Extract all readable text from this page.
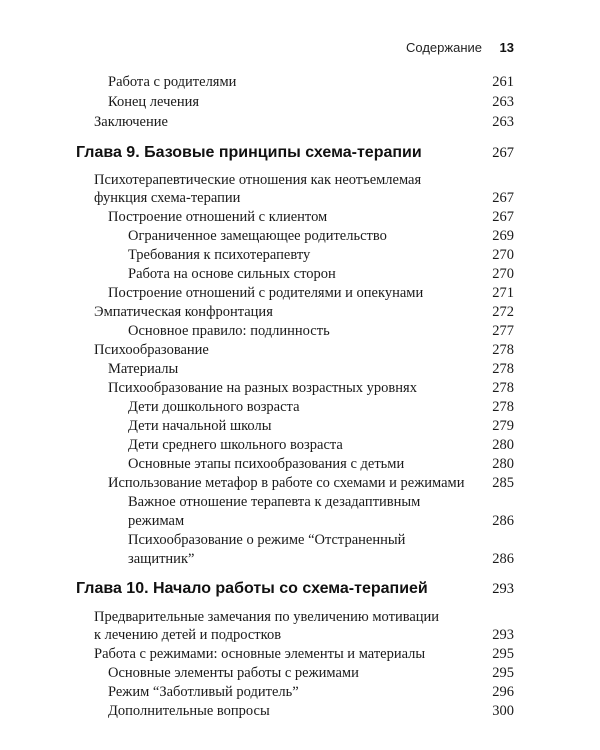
Содержание 13
Работа с родителями	261
Конец лечения	263
Заключение	263
Глава 9. Базовые принципы схема-терапии	267
Психотерапевтические отношения как неотъемлемая
функция схема-терапии	267
Построение отношений с клиентом	267
Ограниченное замещающее родительство	269
Требования к психотерапевту	270
Работа на основе сильных сторон	270
Построение отношений с родителями и опекунами	271
Эмпатическая конфронтация	272
Основное правило: подлинность	277
Психообразование	278
Материалы	278
Психообразование на разных возрастных уровнях	278
Дети дошкольного возраста	278
Дети начальной школы	279
Дети среднего школьного возраста	280
Основные этапы психообразования с детьми	280
Использование метафор в работе со схемами и режимами 285
Важное отношение терапевта к дезадаптивным
режимам	286
Психообразование о режиме “Отстраненный
защитник”	286
Глава 10. Начало работы со схема-терапией	293
Предварительные замечания по увеличению мотивации
к лечению детей и подростков	293
Работа с режимами: основные элементы и материалы	295
Основные элементы работы с режимами	295
Режим “Заботливый родитель”	296
Дополнительные вопросы	300
